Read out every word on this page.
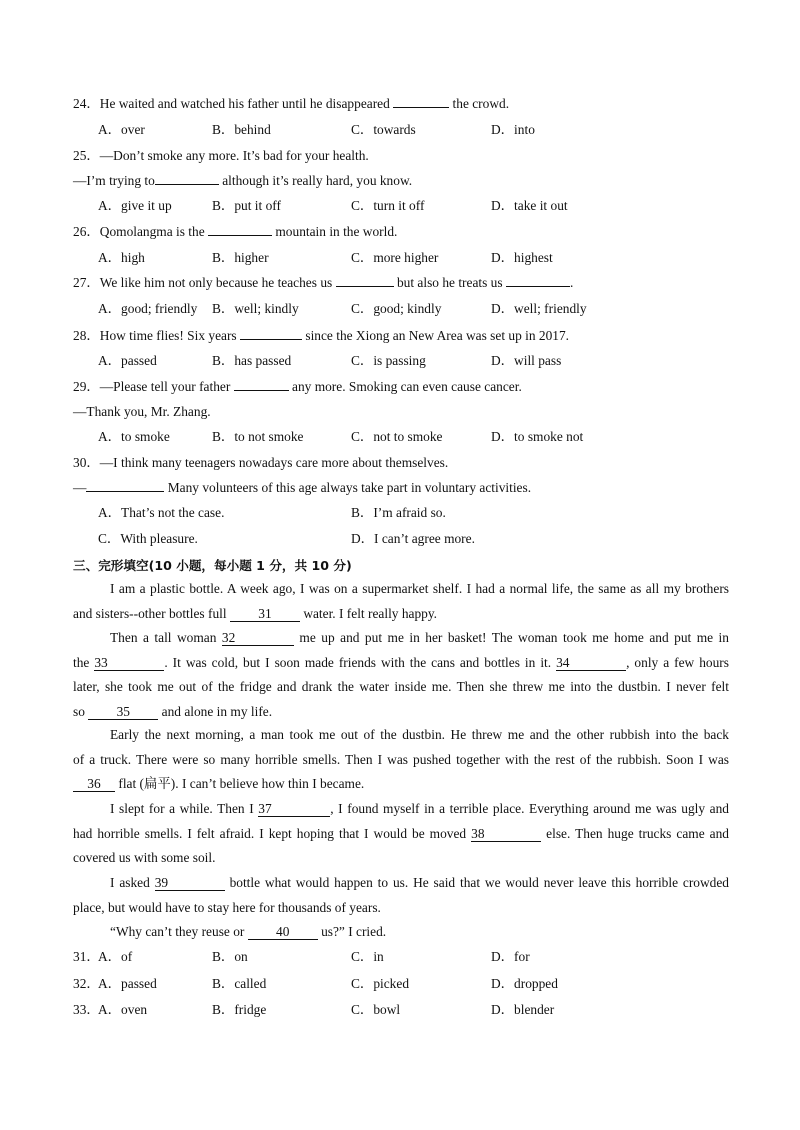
24．He waited and watched his father until he disappeared	the crowd.
A．over	B．behind	C．towards	D．into
25．—Don’t smoke any more. It’s bad for your health.
—I’m trying to	although it’s really hard, you know.
A．give it up	B．put it off	C．turn it off	D．take it out
26．Qomolangma is the	mountain in the world.
A．high	B．higher	C．more higher	D．highest
27．We like him not only because he teaches us	but also he treats us	.
A．good; friendly B．well; kindly	C．good; kindly	D．well; friendly
28．How time flies! Six years	since the Xiong an New Area was set up in 2017.
A．passed	B．has passed	C．is passing	D．will pass
29．—Please tell your father	any more. Smoking can even cause cancer.
—Thank you, Mr. Zhang.
A．to smoke	B．to not smoke	C．not to smoke	D．to smoke not
30．—I think many teenagers nowadays care more about themselves.
—	Many volunteers of this age always take part in voluntary activities.
A．That’s not the case.	B．I’m afraid so.
C．With pleasure.	D．I can’t agree more.
三、完形填空(10 小题，每小题 1 分，共 10 分)
I am a plastic bottle. A week ago, I was on a supermarket shelf. I had a normal life, the same as all my brothers
and sisters--other bottles full 31 water. I felt really happy.
Then a tall woman 32	me up and put me in her basket! The woman took me home and put me in
the 33	. It was cold, but I soon made friends with the cans and bottles in it. 34	, only a few hours
later, she took me out of the fridge and drank the water inside me. Then she threw me into the dustbin. I never felt
so 35 and alone in my life.
Early the next morning, a man took me out of the dustbin. He threw me and the other rubbish into the back
of a truck. There were so many horrible smells. Then I was pushed together with the rest of the rubbish. Soon I was
36 flat (扁平). I can’t believe how thin I became.
I slept for a while. Then I 37	, I found myself in a terrible place. Everything around me was ugly and
had horrible smells. I felt afraid. I kept hoping that I would be moved 38	else. Then huge trucks came and
covered us with some soil.
I asked 39	bottle what would happen to us. He said that we would never leave this horrible crowded
place, but would have to stay here for thousands of years.
“Why can’t they reuse or 40 us?” I cried.
31．
A．of	B．on	C．in	D．for
32．
A．passed	B．called	C．picked	D．dropped
33．
A．oven	B．fridge	C．bowl	D．blender
